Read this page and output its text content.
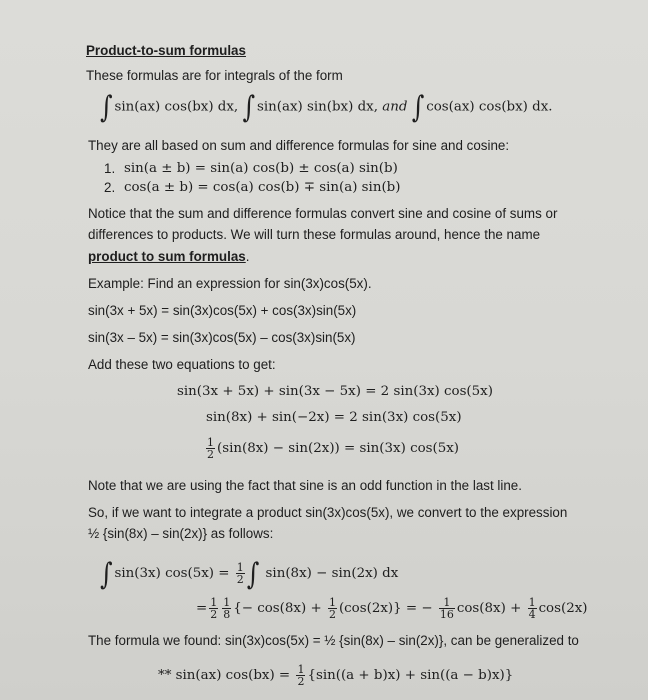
Product-to-sum formulas
These formulas are for integrals of the form
∫ sin(ax) cos(bx) dx, ∫ sin(ax) sin(bx) dx, and ∫ cos(ax) cos(bx) dx.
They are all based on sum and difference formulas for sine and cosine:
1. sin(a ± b) = sin(a) cos(b) ± cos(a) sin(b)
2. cos(a ± b) = cos(a) cos(b) ∓ sin(a) sin(b)
Notice that the sum and difference formulas convert sine and cosine of sums or
differences to products. We will turn these formulas around, hence the name
product to sum formulas.
Example: Find an expression for sin(3x)cos(5x).
sin(3x + 5x) = sin(3x)cos(5x) + cos(3x)sin(5x)
sin(3x – 5x) = sin(3x)cos(5x) – cos(3x)sin(5x)
Add these two equations to get:
sin(3x + 5x) + sin(3x − 5x) = 2 sin(3x) cos(5x)
sin(8x) + sin(−2x) = 2 sin(3x) cos(5x)
$\frac{1}{2} (\sin(8x) - \sin(2x)) = \sin(3x)$ cos(5x)
Note that we are using the fact that sine is an odd function in the last line.
So, if we want to integrate a product sin(3x)cos(5x), we convert to the expression
½ {sin(8x) – sin(2x)} as follows:
∫ sin(3x) $\cos(5x) = \frac{1}{2}$ ∫ sin(8x) − sin(2x) dx
= $\frac{1}{2} \frac{1}{8}$ {− $\cos(8x) + \frac{1}{2} (\cos(2x)\}$ = − $\frac{1}{16} \cos(8x) + \frac{1}{4} \cos(2x)$
The formula we found: sin(3x)cos(5x) = ½ {sin(8x) – sin(2x)}, can be generalized to
** sin(ax) $\cos(bx) = \frac{1}{2} \{\sin((a + b)x) + \sin((a - b)x)\}$
